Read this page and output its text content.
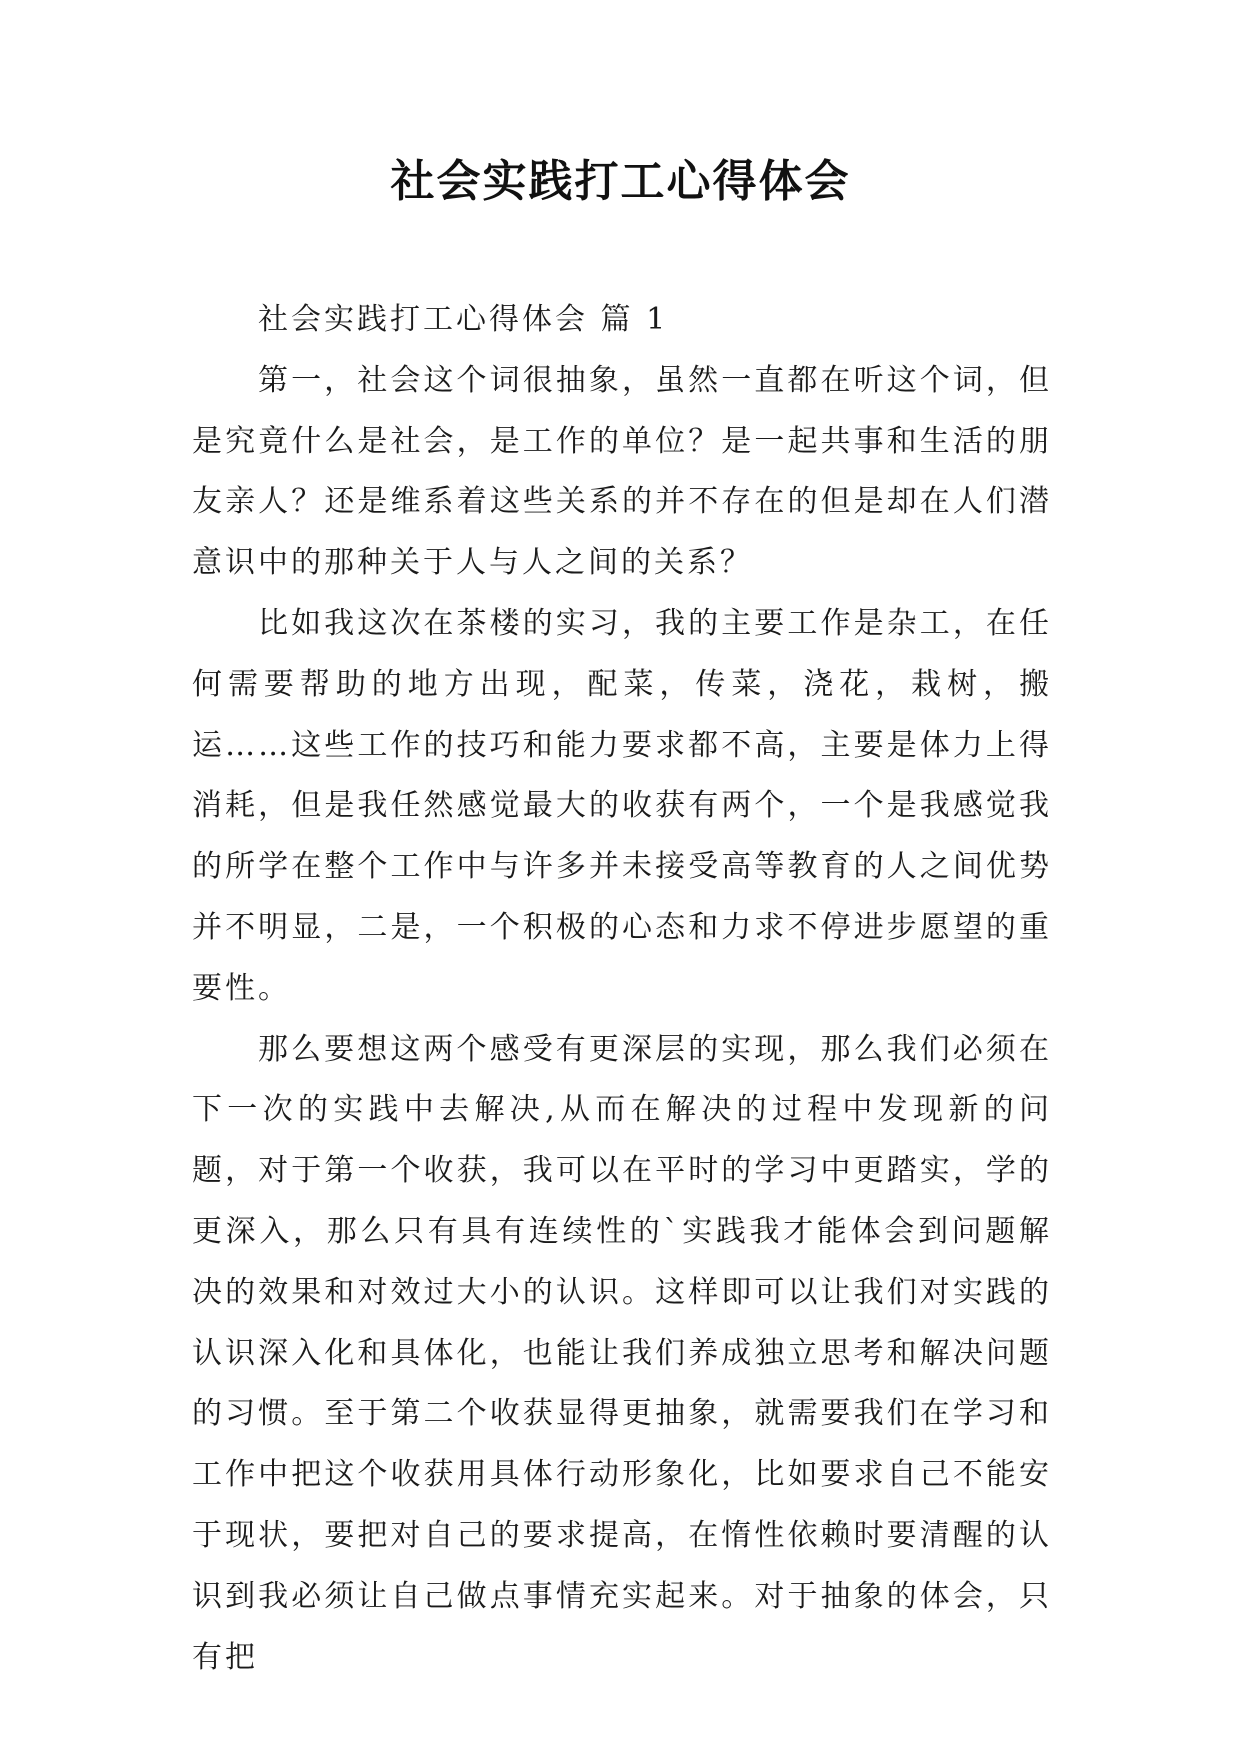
社会实践打工心得体会

社会实践打工心得体会 篇 1

第一，社会这个词很抽象，虽然一直都在听这个词，但是究竟什么是社会，是工作的单位？是一起共事和生活的朋友亲人？还是维系着这些关系的并不存在的但是却在人们潜意识中的那种关于人与人之间的关系？

比如我这次在茶楼的实习，我的主要工作是杂工，在任何需要帮助的地方出现，配菜，传菜，浇花，栽树，搬运……这些工作的技巧和能力要求都不高，主要是体力上得消耗，但是我任然感觉最大的收获有两个，一个是我感觉我的所学在整个工作中与许多并未接受高等教育的人之间优势并不明显，二是，一个积极的心态和力求不停进步愿望的重要性。

那么要想这两个感受有更深层的实现，那么我们必须在下一次的实践中去解决,从而在解决的过程中发现新的问题，对于第一个收获，我可以在平时的学习中更踏实，学的更深入，那么只有具有连续性的`实践我才能体会到问题解决的效果和对效过大小的认识。这样即可以让我们对实践的认识深入化和具体化，也能让我们养成独立思考和解决问题的习惯。至于第二个收获显得更抽象，就需要我们在学习和工作中把这个收获用具体行动形象化，比如要求自己不能安于现状，要把对自己的要求提高，在惰性依赖时要清醒的认识到我必须让自己做点事情充实起来。对于抽象的体会，只有把
